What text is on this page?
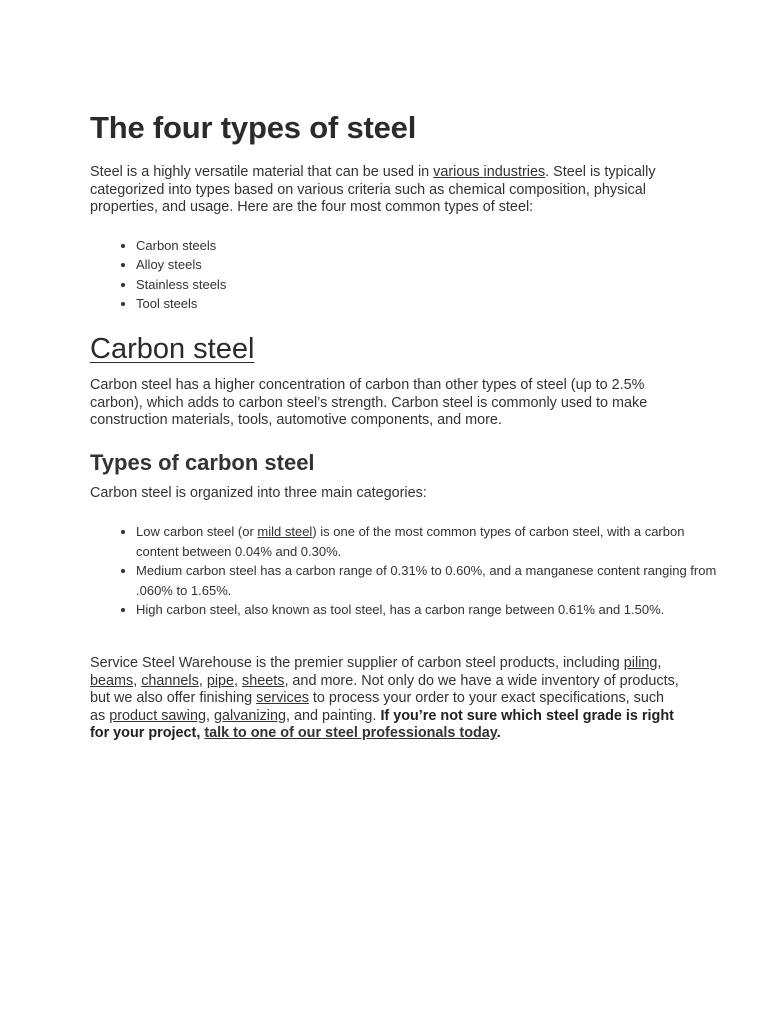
The four types of steel

Steel is a highly versatile material that can be used in various industries. Steel is typically categorized into types based on various criteria such as chemical composition, physical properties, and usage. Here are the four most common types of steel:

• Carbon steels
• Alloy steels
• Stainless steels
• Tool steels
Carbon steel

Carbon steel has a higher concentration of carbon than other types of steel (up to 2.5% carbon), which adds to carbon steel’s strength. Carbon steel is commonly used to make construction materials, tools, automotive components, and more.

Types of carbon steel

Carbon steel is organized into three main categories:

• Low carbon steel (or mild steel) is one of the most common types of carbon steel, with a carbon content between 0.04% and 0.30%.
• Medium carbon steel has a carbon range of 0.31% to 0.60%, and a manganese content ranging from .060% to 1.65%.
• High carbon steel, also known as tool steel, has a carbon range between 0.61% and 1.50%.

Service Steel Warehouse is the premier supplier of carbon steel products, including piling, beams, channels, pipe, sheets, and more. Not only do we have a wide inventory of products, but we also offer finishing services to process your order to your exact specifications, such as product sawing, galvanizing, and painting. If you’re not sure which steel grade is right for your project, talk to one of our steel professionals today.
